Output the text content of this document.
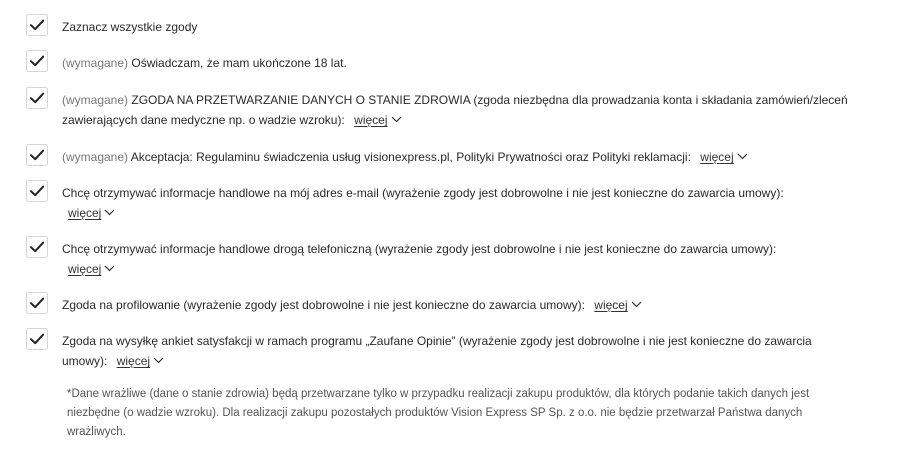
Zaznacz wszystkie zgody
(wymagane) Oświadczam, że mam ukończone 18 lat.
(wymagane) ZGODA NA PRZETWARZANIE DANYCH O STANIE ZDROWIA (zgoda niezbędna dla prowadzania konta i składania zamówień/zleceń zawierających dane medyczne np. o wadzie wzroku): więcej
(wymagane) Akceptacja: Regulaminu świadczenia usług visionexpress.pl, Polityki Prywatności oraz Polityki reklamacji: więcej
Chcę otrzymywać informacje handlowe na mój adres e-mail (wyrażenie zgody jest dobrowolne i nie jest konieczne do zawarcia umowy):
więcej
Chcę otrzymywać informacje handlowe drogą telefoniczną (wyrażenie zgody jest dobrowolne i nie jest konieczne do zawarcia umowy):
więcej
Zgoda na profilowanie (wyrażenie zgody jest dobrowolne i nie jest konieczne do zawarcia umowy): więcej
Zgoda na wysyłkę ankiet satysfakcji w ramach programu „Zaufane Opinie” (wyrażenie zgody jest dobrowolne i nie jest konieczne do zawarcia umowy): więcej
*Dane wrażliwe (dane o stanie zdrowia) będą przetwarzane tylko w przypadku realizacji zakupu produktów, dla których podanie takich danych jest niezbędne (o wadzie wzroku). Dla realizacji zakupu pozostałych produktów Vision Express SP Sp. z o.o. nie będzie przetwarzał Państwa danych wrażliwych.
